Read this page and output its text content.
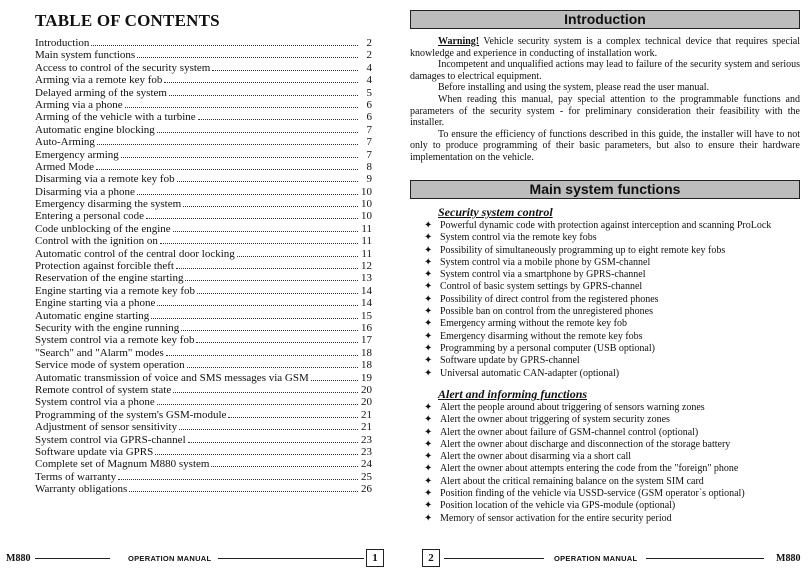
TABLE OF CONTENTS
Introduction	2
Main system functions	2
Access to control of the security system	4
Arming via a remote key fob	4
Delayed arming of the system	5
Arming via a phone	6
Arming of the vehicle with a turbine	6
Automatic engine blocking	7
Auto-Arming	7
Emergency arming	7
Armed Mode	8
Disarming via a remote key fob	9
Disarming via a phone	10
Emergency disarming the system	10
Entering a personal code	10
Code unblocking of the engine	11
Control with the ignition on	11
Automatic control of the central door locking	11
Protection against forcible theft	12
Reservation of the engine starting	13
Engine starting via a remote key fob	14
Engine starting via a phone	14
Automatic engine starting	15
Security with the engine running	16
System control via a remote key fob	17
"Search" and "Alarm" modes	18
Service mode of system operation	18
Automatic transmission of voice and SMS messages via GSM	19
Remote control of system state	20
System control via a phone	20
Programming of the system's GSM-module	21
Adjustment of sensor sensitivity	21
System control via GPRS-channel	23
Software update via GPRS	23
Complete set of Magnum M880 system	24
Terms of warranty	25
Warranty obligations	26
M880	OPERATION MANUAL	1
Introduction

Warning! Vehicle security system is a complex technical device that requires special knowledge and experience in conducting of installation work.

Incompetent and unqualified actions may lead to failure of the security system and serious damages to electrical equipment.

Before installing and using the system, please read the user manual.

When reading this manual, pay special attention to the programmable functions and parameters of the security system - for preliminary consideration their feasibility with the installer.

To ensure the efficiency of functions described in this guide, the installer will have to not only to produce programming of their basic parameters, but also to ensure their hardware implementation on the vehicle.

Main system functions
Security system control
✦ Powerful dynamic code with protection against interception and scanning ProLock
✦ System control via the remote key fobs
✦ Possibility of simultaneously programming up to eight remote key fobs
✦ System control via a mobile phone by GSM-channel
✦ System control via a smartphone by GPRS-channel
✦ Control of basic system settings by GPRS-channel
✦ Possibility of direct control from the registered phones
✦ Possible ban on control from the unregistered phones
✦ Emergency arming without the remote key fob
✦ Emergency disarming without the remote key fobs
✦ Programming by a personal computer (USB optional)
✦ Software update by GPRS-channel
✦ Universal automatic CAN-adapter (optional)
Alert and informing functions
✦ Alert the people around about triggering of sensors warning zones
✦ Alert the owner about triggering of system security zones
✦ Alert the owner about failure of GSM-channel control (optional)
✦ Alert the owner about discharge and disconnection of the storage battery
✦ Alert the owner about disarming via a short call
✦ Alert the owner about attempts entering the code from the "foreign" phone
✦ Alert about the critical remaining balance on the system SIM card
✦ Position finding of the vehicle via USSD-service (GSM operator`s optional)
✦ Position location of the vehicle via GPS-module (optional)
✦ Memory of sensor activation for the entire security period
2	OPERATION MANUAL	M880
